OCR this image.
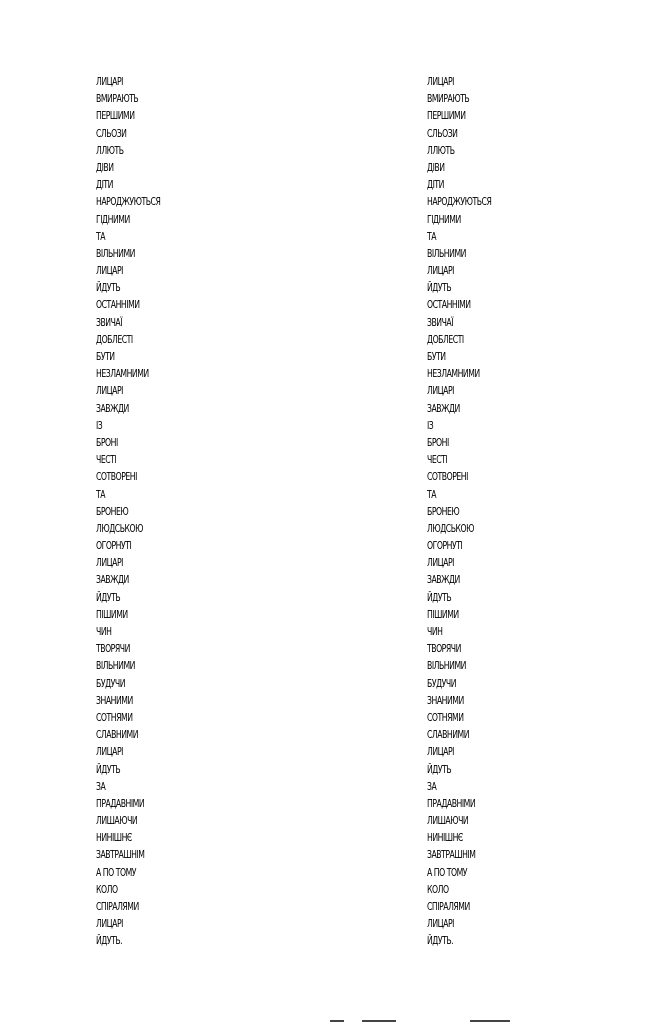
ЛИЦАРІ
ВМИРАЮТЬ
ПЕРШИМИ
СЛЬОЗИ
ЛЛЮТЬ
ДІВИ
ДІТИ
НАРОДЖУЮТЬСЯ
ГІДНИМИ
ТА
ВІЛЬНИМИ
ЛИЦАРІ
ЙДУТЬ
ОСТАННІМИ
ЗВИЧАЇ
ДОБЛЕСТІ
БУТИ
НЕЗЛАМНИМИ
ЛИЦАРІ
ЗАВЖДИ
ІЗ
БРОНІ
ЧЕСТІ
СОТВОРЕНІ
ТА
БРОНЕЮ
ЛЮДСЬКОЮ
ОГОРНУТІ
ЛИЦАРІ
ЗАВЖДИ
ЙДУТЬ
ПІШИМИ
ЧИН
ТВОРЯЧИ
ВІЛЬНИМИ
БУДУЧИ
ЗНАНИМИ
СОТНЯМИ
СЛАВНИМИ
ЛИЦАРІ
ЙДУТЬ
ЗА
ПРАДАВНІМИ
ЛИШАЮЧИ
НИНІШНЄ
ЗАВТРАШНІМ
А ПО ТОМУ
КОЛО
СПІРАЛЯМИ
ЛИЦАРІ
ЙДУТЬ.
ЛИЦАРІ
ВМИРАЮТЬ
ПЕРШИМИ
СЛЬОЗИ
ЛЛЮТЬ
ДІВИ
ДІТИ
НАРОДЖУЮТЬСЯ
ГІДНИМИ
ТА
ВІЛЬНИМИ
ЛИЦАРІ
ЙДУТЬ
ОСТАННІМИ
ЗВИЧАЇ
ДОБЛЕСТІ
БУТИ
НЕЗЛАМНИМИ
ЛИЦАРІ
ЗАВЖДИ
ІЗ
БРОНІ
ЧЕСТІ
СОТВОРЕНІ
ТА
БРОНЕЮ
ЛЮДСЬКОЮ
ОГОРНУТІ
ЛИЦАРІ
ЗАВЖДИ
ЙДУТЬ
ПІШИМИ
ЧИН
ТВОРЯЧИ
ВІЛЬНИМИ
БУДУЧИ
ЗНАНИМИ
СОТНЯМИ
СЛАВНИМИ
ЛИЦАРІ
ЙДУТЬ
ЗА
ПРАДАВНІМИ
ЛИШАЮЧИ
НИНІШНЄ
ЗАВТРАШНІМ
А ПО ТОМУ
КОЛО
СПІРАЛЯМИ
ЛИЦАРІ
ЙДУТЬ.
